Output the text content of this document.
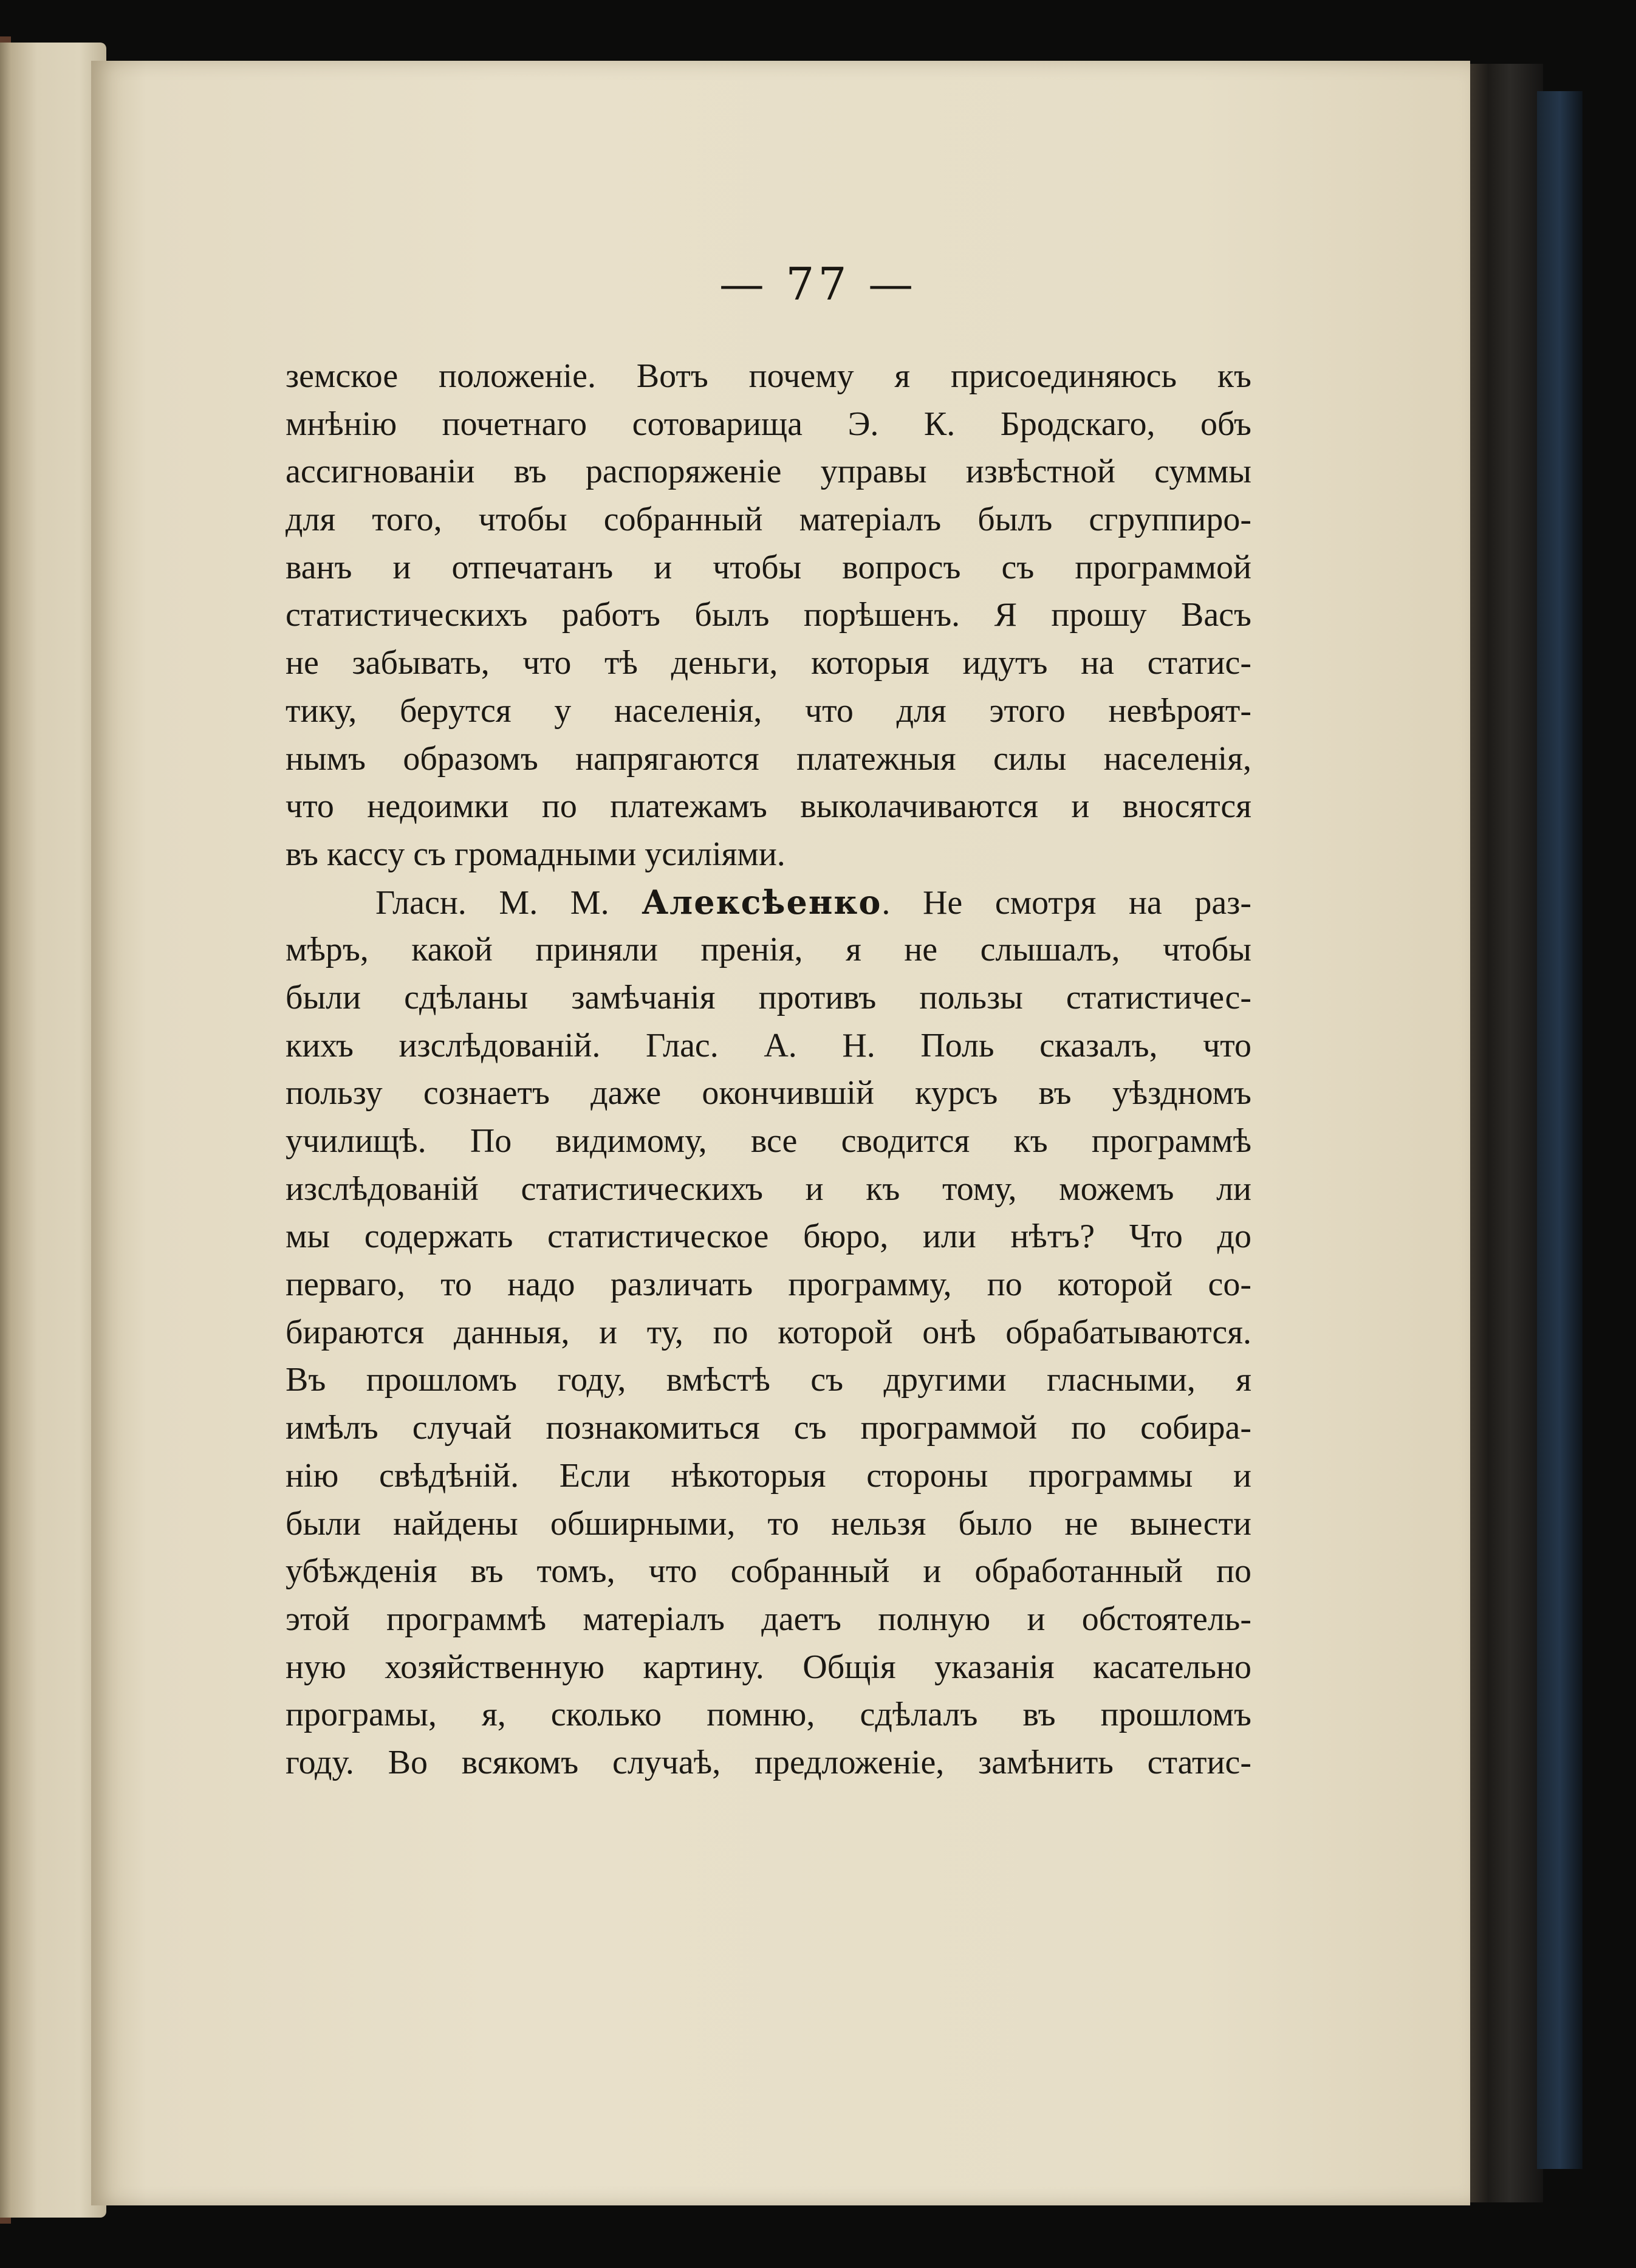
— 77 —
земское положеніе. Вотъ почему я присоединяюсь къ
мнѣнію почетнаго сотоварища Э. К. Бродскаго, объ
ассигнованіи въ распоряженіе управы извѣстной суммы
для того, чтобы собранный матеріалъ былъ сгруппиро-
ванъ и отпечатанъ и чтобы вопросъ съ программой
статистическихъ работъ былъ порѣшенъ. Я прошу Васъ
не забывать, что тѣ деньги, которыя идутъ на статис-
тику, берутся у населенія, что для этого невѣроят-
нымъ образомъ напрягаются платежныя силы населенія,
что недоимки по платежамъ выколачиваются и вносятся
въ кассу съ громадными усиліями.
Гласн. М. М. Алексѣенко. Не смотря на раз-
мѣръ, какой приняли пренія, я не слышалъ, чтобы
были сдѣланы замѣчанія противъ пользы статистичес-
кихъ изслѣдованій. Глас. А. Н. Поль сказалъ, что
пользу сознаетъ даже окончившій курсъ въ уѣздномъ
училищѣ. По видимому, все сводится къ программѣ
изслѣдованій статистическихъ и къ тому, можемъ ли
мы содержать статистическое бюро, или нѣтъ? Что до
перваго, то надо различать программу, по которой со-
бираются данныя, и ту, по которой онѣ обрабатываются.
Въ прошломъ году, вмѣстѣ съ другими гласными, я
имѣлъ случай познакомиться съ программой по собира-
нію свѣдѣній. Если нѣкоторыя стороны программы и
были найдены обширными, то нельзя было не вынести
убѣжденія въ томъ, что собранный и обработанный по
этой программѣ матеріалъ даетъ полную и обстоятель-
ную хозяйственную картину. Общія указанія касательно
програмы, я, сколько помню, сдѣлалъ въ прошломъ
году. Во всякомъ случаѣ, предложеніе, замѣнить статис-
